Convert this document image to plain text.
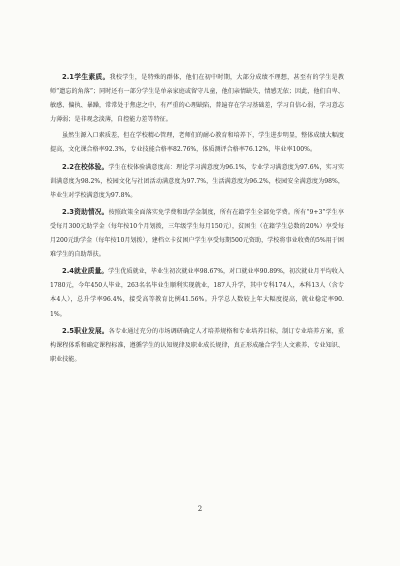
2.1学生素质。我校学生，是特殊的群体，他们在初中时期，大部分成绩不理想，甚至有的学生是教师“遗忘的角落”；同时还有一部分学生是单亲家庭或留守儿童，他们亲情缺失，情感无依；因此，他们自卑、敏感、偏执、暴躁，常常处于焦虑之中，有严重的心理缺陷，普遍存在学习基础差，学习自信心弱，学习意志力薄弱；是非观念淡薄，自控能力差等特征。

虽然生源入口素质差，但在学校精心管理，老师们的耐心教育和培养下，学生进步明显，整体成绩大幅度提高，文化课合格率92.3%，专业技能合格率82.76%，体质测评合格率76.12%，毕业率100%。

2.2在校体验。学生在校体验满意度高：理论学习满意度为96.1%，专业学习满意度为97.6%，实习实训满意度为98.2%，校园文化与社团活动满意度为97.7%，生活满意度为96.2%，校园安全满意度为98%，毕业生对学校满意度为97.8%。

2.3资助情况。按照政策全面落实免学费和助学金制度，所有在籍学生全部免学费。所有“9+3”学生享受每月300元助学金（每年按10个月划拨，三年级学生每月150元），贫困生（在籍学生总数的20%）享受每月200元助学金（每年按10月划拨），建档立卡贫困户学生享受每期500元资助，学校将事业收费的5%用于困难学生的自助帮扶。

2.4就业质量。学生优质就业，毕业生初次就业率98.67%，对口就业率90.89%，初次就业月平均收入1780元，今年450人毕业，263名名毕业生顺利实现就业，187人升学，其中专科174人，本科13人（含专本4人），总升学率96.4%，接受高等教育比例41.56%。升学总人数较上年大幅度提高，就业稳定率90.1%。

2.5职业发展。各专业通过充分的市场调研确定人才培养规格和专业培养目标，制订专业培养方案，重构课程体系和确定课程标准，遵循学生的认知规律及职业成长规律，真正形成融合学生人文素养、专业知识、职业技能。

2
